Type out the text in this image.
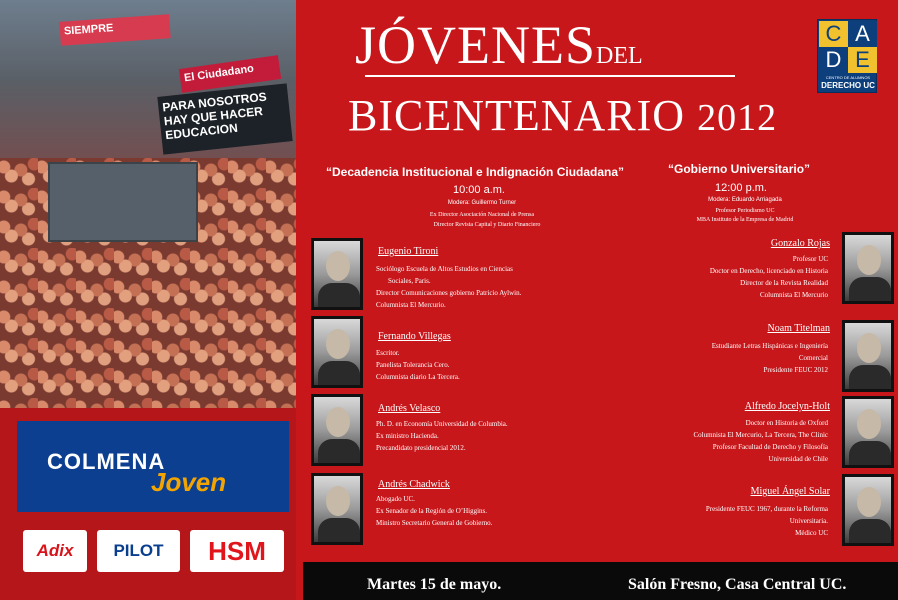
SIEMPRE
El Ciudadano
PARA NOSOTROS HAY QUE HACER EDUCACION
COLMENA
Joven
Adix PILOT HSM
JÓVENESDEL
BICENTENARIO 2012
C A
D E
CENTRO DE ALUMNOS
DERECHO UC
“Decadencia Institucional e Indignación Ciudadana”
10:00 a.m.
Modera: Guillermo Turner
Ex Director Asociación Nacional de Prensa
Director Revista Capital y Diario Financiero
“Gobierno Universitario”
12:00 p.m.
Modera: Eduardo Arriagada
Profesor Periodismo UC
MBA Instituto de la Empresa de Madrid
Eugenio Tironi
Sociólogo Escuela de Altos Estudios en Ciencias
Sociales, Paris.
Director Comunicaciones gobierno Patricio Aylwin.
Columnista El Mercurio.
Fernando Villegas
Escritor.
Panelista Tolerancia Cero.
Columnista diario La Tercera.
Andrés Velasco
Ph. D. en Economía Universidad de Columbia.
Ex ministro Hacienda.
Precandidato presidencial 2012.
Andrés Chadwick
Abogado UC.
Ex Senador de la Región de O’Higgins.
Ministro Secretario General de Gobierno.
Gonzalo Rojas
Profesor UC
Doctor en Derecho, licenciado en Historia
Director de la Revista Realidad
Columnista El Mercurio
Noam Titelman
Estudiante Letras Hispánicas e Ingeniería
Comercial
Presidente FEUC 2012
Alfredo Jocelyn-Holt
Doctor en Historia de Oxford
Columnista El Mercurio, La Tercera, The Clinic
Profesor Facultad de Derecho y Filosofía
Universidad de Chile
Miguel Ángel Solar
Presidente FEUC 1967, durante la Reforma
Universitaria.
Médico UC
Martes 15 de mayo.	Salón Fresno, Casa Central UC.
